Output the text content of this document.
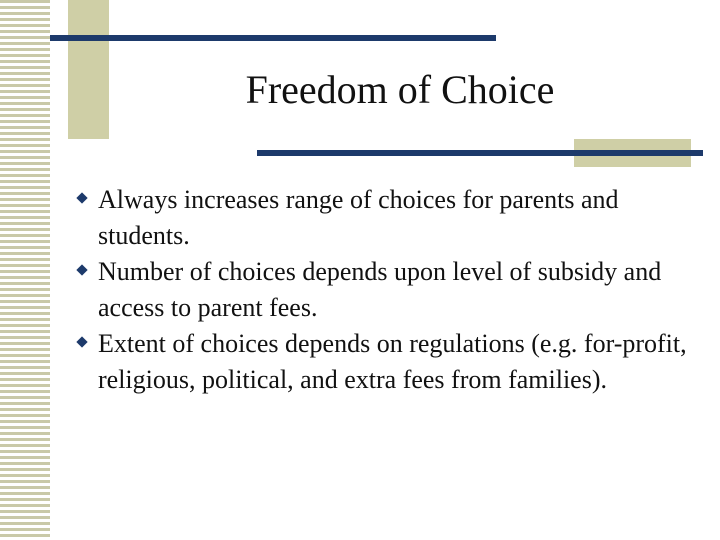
Freedom of Choice
Always increases range of choices for parents and students.
Number of choices depends upon level of subsidy and access to parent fees.
Extent of choices depends on regulations (e.g. for-profit, religious, political, and extra fees from families).
